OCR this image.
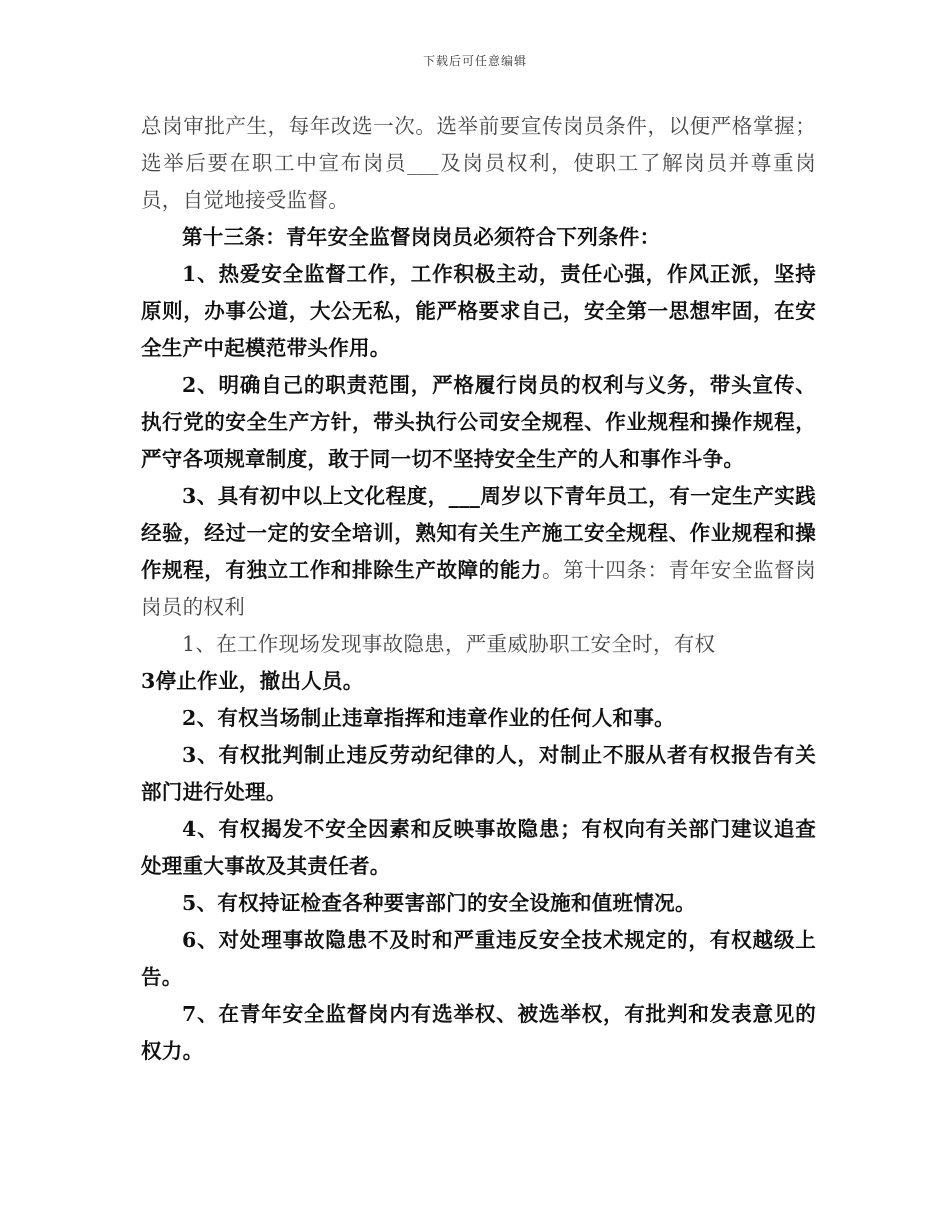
下载后可任意编辑

总岗审批产生，每年改选一次。选举前要宣传岗员条件，以便严格掌握；选举后要在职工中宣布岗员___及岗员权利，使职工了解岗员并尊重岗员，自觉地接受监督。

第十三条：青年安全监督岗岗员必须符合下列条件：

1、热爱安全监督工作，工作积极主动，责任心强，作风正派，坚持原则，办事公道，大公无私，能严格要求自己，安全第一思想牢固，在安全生产中起模范带头作用。

2、明确自己的职责范围，严格履行岗员的权利与义务，带头宣传、执行党的安全生产方针，带头执行公司安全规程、作业规程和操作规程，严守各项规章制度，敢于同一切不坚持安全生产的人和事作斗争。

3、具有初中以上文化程度，___周岁以下青年员工，有一定生产实践经验，经过一定的安全培训，熟知有关生产施工安全规程、作业规程和操作规程，有独立工作和排除生产故障的能力。第十四条：青年安全监督岗岗员的权利

1、在工作现场发现事故隐患，严重威胁职工安全时，有权

3停止作业，撤出人员。

2、有权当场制止违章指挥和违章作业的任何人和事。

3、有权批判制止违反劳动纪律的人，对制止不服从者有权报告有关部门进行处理。

4、有权揭发不安全因素和反映事故隐患；有权向有关部门建议追查处理重大事故及其责任者。

5、有权持证检查各种要害部门的安全设施和值班情况。

6、对处理事故隐患不及时和严重违反安全技术规定的，有权越级上告。

7、在青年安全监督岗内有选举权、被选举权，有批判和发表意见的权力。
